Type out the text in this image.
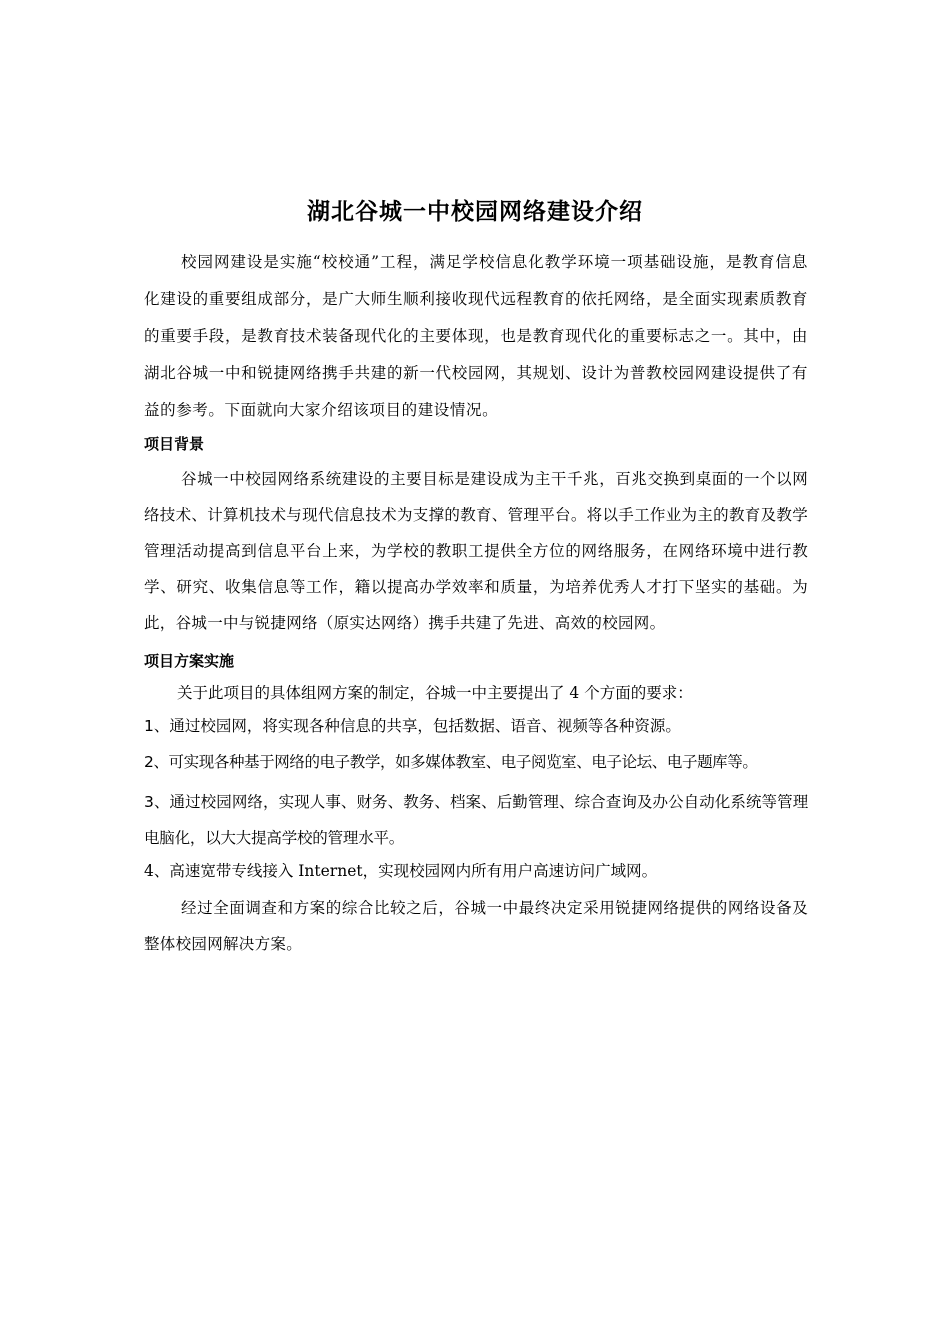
湖北谷城一中校园网络建设介绍

校园网建设是实施“校校通”工程，满足学校信息化教学环境一项基础设施，是教育信息化建设的重要组成部分，是广大师生顺利接收现代远程教育的依托网络，是全面实现素质教育的重要手段，是教育技术装备现代化的主要体现，也是教育现代化的重要标志之一。其中，由湖北谷城一中和锐捷网络携手共建的新一代校园网，其规划、设计为普教校园网建设提供了有益的参考。下面就向大家介绍该项目的建设情况。

项目背景

谷城一中校园网络系统建设的主要目标是建设成为主干千兆，百兆交换到桌面的一个以网络技术、计算机技术与现代信息技术为支撑的教育、管理平台。将以手工作业为主的教育及教学管理活动提高到信息平台上来，为学校的教职工提供全方位的网络服务，在网络环境中进行教学、研究、收集信息等工作，籍以提高办学效率和质量，为培养优秀人才打下坚实的基础。为此，谷城一中与锐捷网络（原实达网络）携手共建了先进、高效的校园网。

项目方案实施

关于此项目的具体组网方案的制定，谷城一中主要提出了 4 个方面的要求：

1、通过校园网，将实现各种信息的共享，包括数据、语音、视频等各种资源。

2、可实现各种基于网络的电子教学，如多媒体教室、电子阅览室、电子论坛、电子题库等。

3、通过校园网络，实现人事、财务、教务、档案、后勤管理、综合查询及办公自动化系统等管理电脑化，以大大提高学校的管理水平。

4、高速宽带专线接入 Internet，实现校园网内所有用户高速访问广域网。

经过全面调查和方案的综合比较之后，谷城一中最终决定采用锐捷网络提供的网络设备及整体校园网解决方案。
